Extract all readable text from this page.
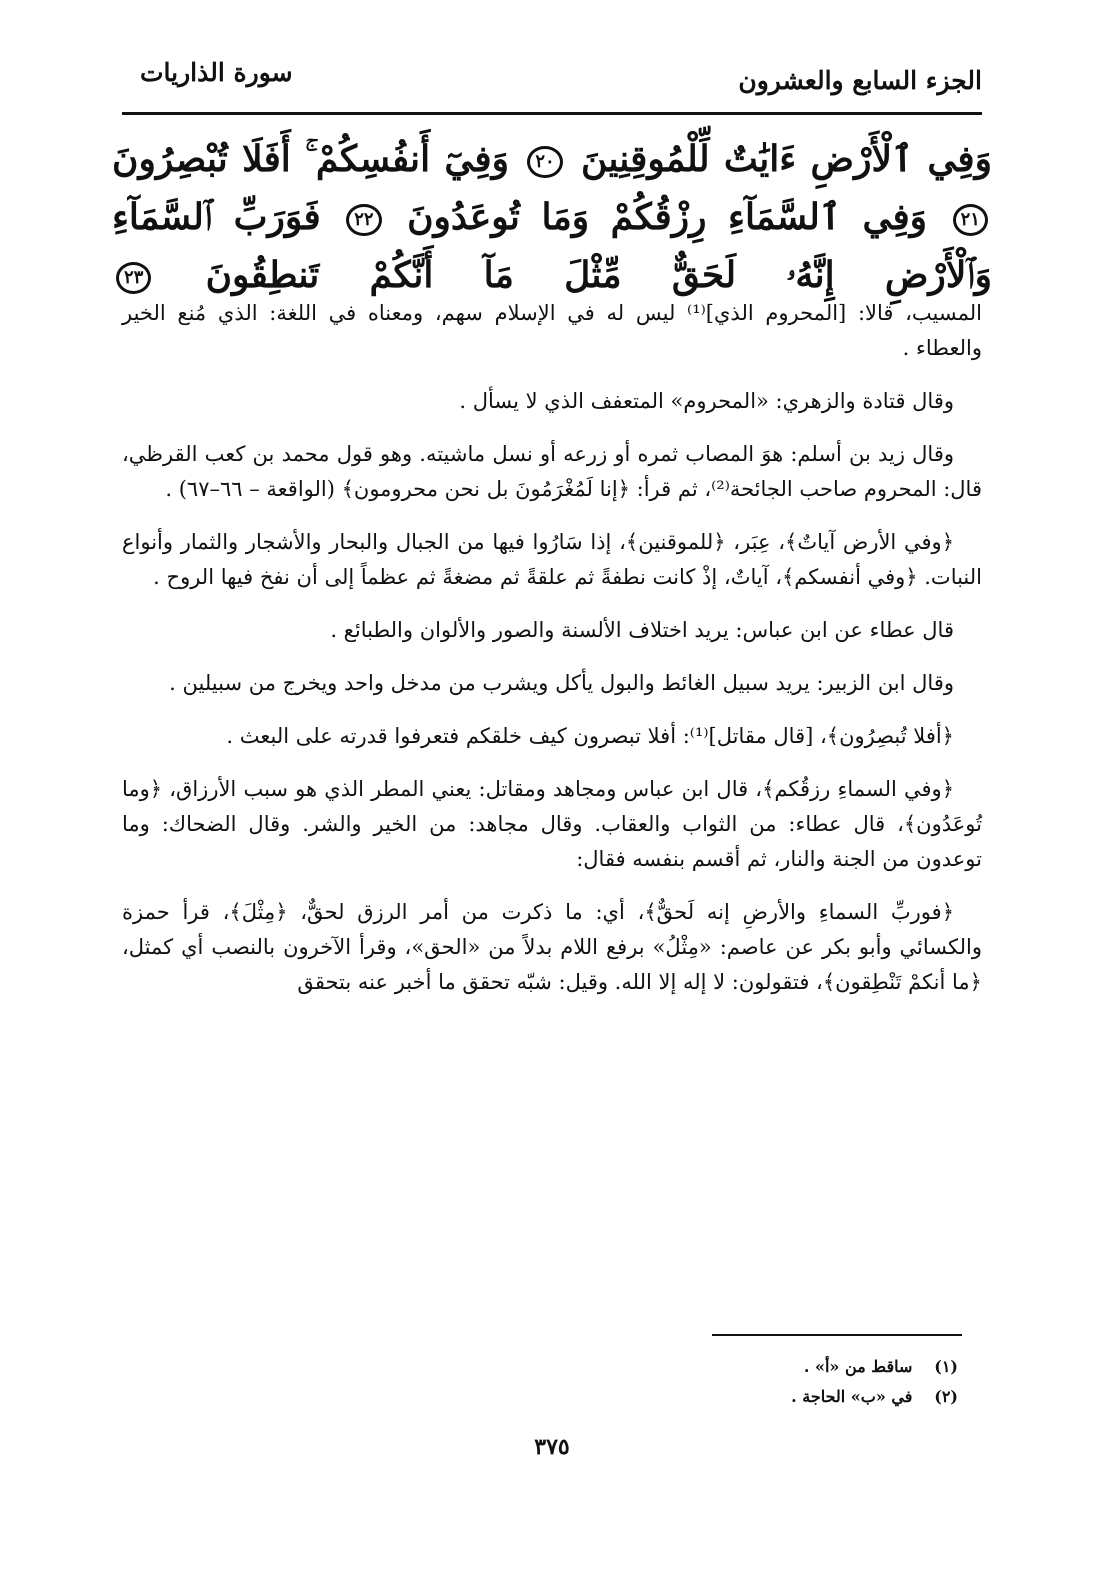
الجزء السابع والعشرون
سورة الذاريات
وَفِي ٱلْأَرْضِ ءَايَٰتٌ لِّلْمُوقِنِينَ ٢٠ وَفِيٓ أَنفُسِكُمْ ۚ أَفَلَا تُبْصِرُونَ ٢١ وَفِي ٱلسَّمَآءِ رِزْقُكُمْ وَمَا تُوعَدُونَ ٢٢ فَوَرَبِّ ٱلسَّمَآءِ وَٱلْأَرْضِ إِنَّهُۥ لَحَقٌّ مِّثْلَ مَآ أَنَّكُمْ تَنطِقُونَ ٢٣

المسيب، قالا: [المحروم الذي]⁽¹⁾ ليس له في الإسلام سهم، ومعناه في اللغة: الذي مُنع الخير والعطاء .

وقال قتادة والزهري: «المحروم» المتعفف الذي لا يسأل .

وقال زيد بن أسلم: هوَ المصاب ثمره أو زرعه أو نسل ماشيته. وهو قول محمد بن كعب القرظي، قال: المحروم صاحب الجائحة⁽²⁾، ثم قرأ: ﴿إنا لَمُغْرَمُونَ بل نحن محرومون﴾ (الواقعة – ٦٦–٦٧) .

﴿وفي الأرض آياتٌ﴾، عِبَر، ﴿للموقنين﴾، إذا سَارُوا فيها من الجبال والبحار والأشجار والثمار وأنواع النبات. ﴿وفي أنفسكم﴾، آياتٌ، إذْ كانت نطفةً ثم علقةً ثم مضغةً ثم عظماً إلى أن نفخ فيها الروح .

قال عطاء عن ابن عباس: يريد اختلاف الألسنة والصور والألوان والطبائع .

وقال ابن الزبير: يريد سبيل الغائط والبول يأكل ويشرب من مدخل واحد ويخرج من سبيلين .

﴿أفلا تُبصِرُون﴾، [قال مقاتل]⁽¹⁾: أفلا تبصرون كيف خلقكم فتعرفوا قدرته على البعث .

﴿وفي السماءِ رزقُكم﴾، قال ابن عباس ومجاهد ومقاتل: يعني المطر الذي هو سبب الأرزاق، ﴿وما تُوعَدُون﴾، قال عطاء: من الثواب والعقاب. وقال مجاهد: من الخير والشر. وقال الضحاك: وما توعدون من الجنة والنار، ثم أقسم بنفسه فقال:

﴿فوربِّ السماءِ والأرضِ إنه لَحقٌّ﴾، أي: ما ذكرت من أمر الرزق لحقٌّ، ﴿مِثْلَ﴾، قرأ حمزة والكسائي وأبو بكر عن عاصم: «مِثْلُ» برفع اللام بدلاً من «الحق»، وقرأ الآخرون بالنصب أي كمثل، ﴿ما أنكمْ تَنْطِقون﴾، فتقولون: لا إله إلا الله. وقيل: شبّه تحقق ما أخبر عنه بتحقق

(١) ساقط من «أ» .
(٢) في «ب» الحاجة .
٣٧٥
